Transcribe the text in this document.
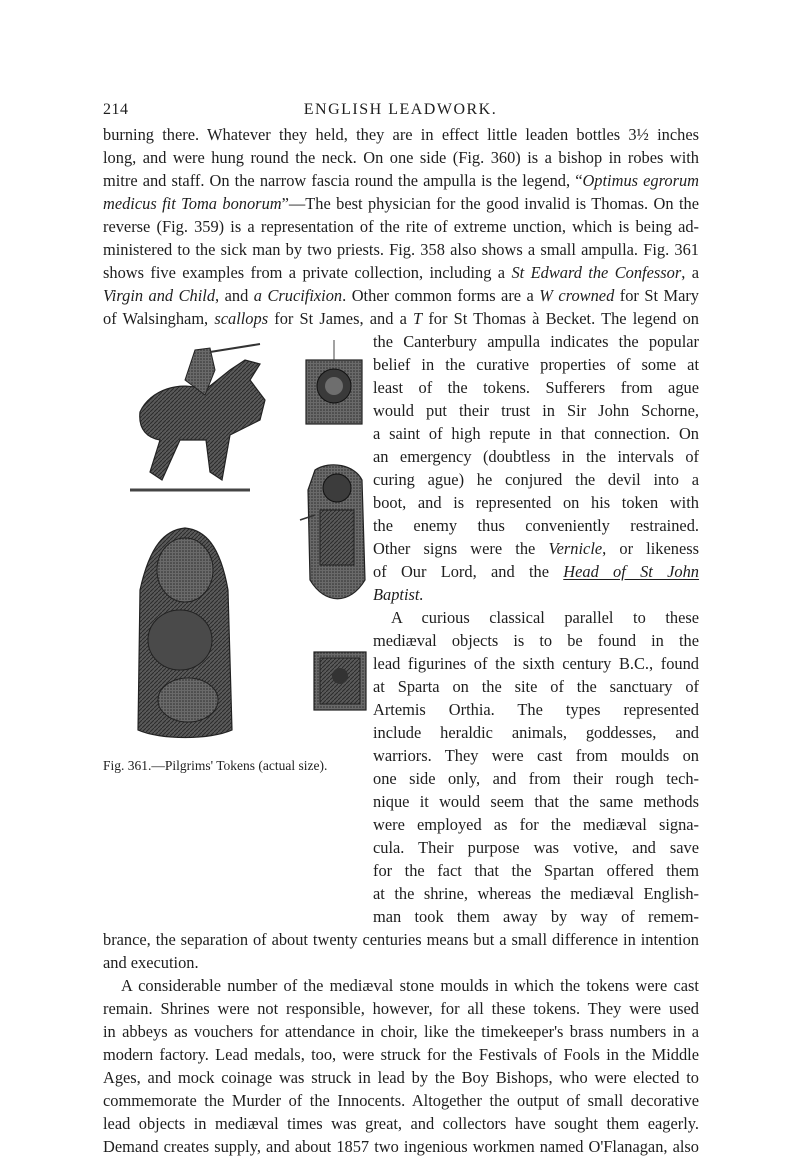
214	ENGLISH LEADWORK.
burning there. Whatever they held, they are in effect little leaden bottles 3½ inches
long, and were hung round the neck. On one side (Fig. 360) is a bishop in robes with
mitre and staff. On the narrow fascia round the ampulla is the legend, “Optimus egrorum
medicus fit Toma bonorum”—The best physician for the good invalid is Thomas. On the
reverse (Fig. 359) is a representation of the rite of extreme unction, which is being ad-
ministered to the sick man by two priests. Fig. 358 also shows a small ampulla. Fig. 361
shows five examples from a private collection, including a St Edward the Confessor, a
Virgin and Child, and a Crucifixion. Other common forms are a W crowned for St Mary
of Walsingham, scallops for St James, and a T for St Thomas à Becket. The legend on
Fig. 361.—Pilgrims' Tokens (actual size).
the Canterbury ampulla indicates the popular
belief in the curative properties of some at
least of the tokens. Sufferers from ague
would put their trust in Sir John Schorne,
a saint of high repute in that connection. On
an emergency (doubtless in the intervals of
curing ague) he conjured the devil into a
boot, and is represented on his token with
the enemy thus conveniently restrained.
Other signs were the Vernicle, or likeness
of Our Lord, and the Head of St John
Baptist.
A curious classical parallel to these
mediæval objects is to be found in the
lead figurines of the sixth century B.C., found
at Sparta on the site of the sanctuary of
Artemis Orthia. The types represented
include heraldic animals, goddesses, and
warriors. They were cast from moulds on
one side only, and from their rough tech-
nique it would seem that the same methods
were employed as for the mediæval signa-
cula. Their purpose was votive, and save
for the fact that the Spartan offered them
at the shrine, whereas the mediæval English-
man took them away by way of remem-
brance, the separation of about twenty centuries means but a small difference in intention
and execution.
A considerable number of the mediæval stone moulds in which the tokens were cast
remain. Shrines were not responsible, however, for all these tokens. They were used
in abbeys as vouchers for attendance in choir, like the timekeeper's brass numbers in a
modern factory. Lead medals, too, were struck for the Festivals of Fools in the Middle
Ages, and mock coinage was struck in lead by the Boy Bishops, who were elected to
commemorate the Murder of the Innocents. Altogether the output of small decorative
lead objects in mediæval times was great, and collectors have sought them eagerly.
Demand creates supply, and about 1857 two ingenious workmen named O'Flanagan, also
